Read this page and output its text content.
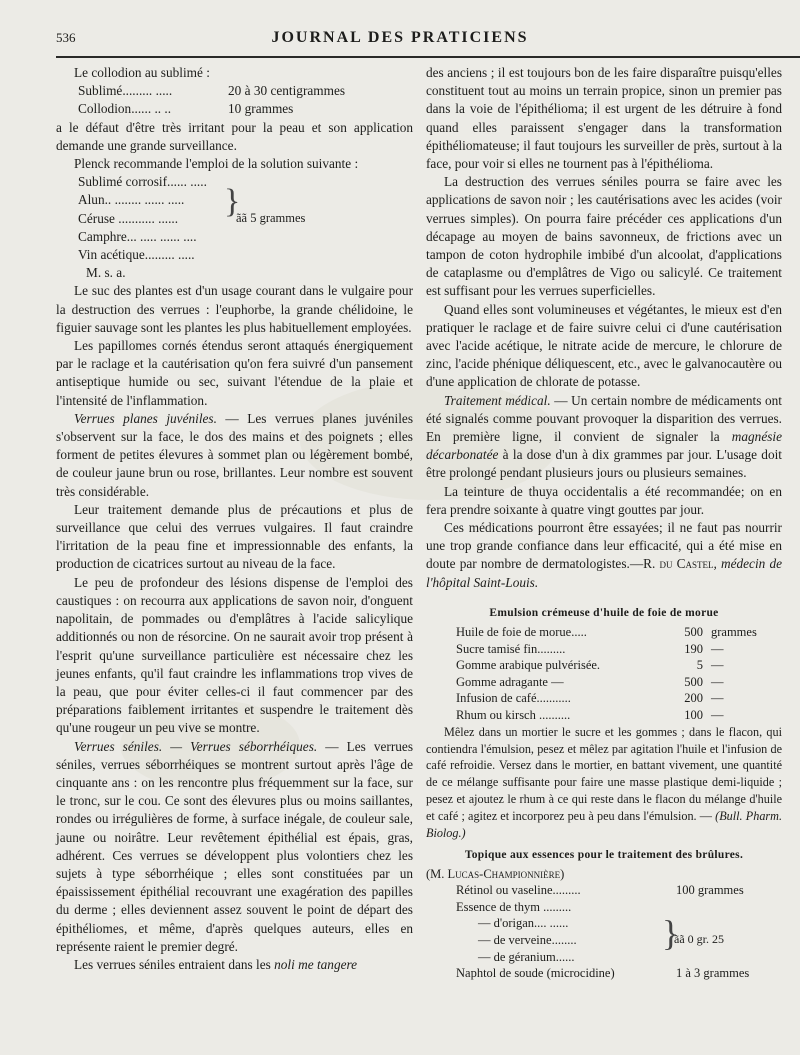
536	JOURNAL DES PRATICIENS

Le collodion au sublimé :

Sublimé......... .....	20 à 30 centigrammes
Collodion...... .. ..	10 grammes

a le défaut d'être très irritant pour la peau et son application demande une grande surveillance.

Plenck recommande l'emploi de la solution suivante :

Sublimé corrosif...... .....
Alun.. ........ ...... .....
Céruse ........... ......
Camphre... ..... ...... ....
Vin acétique......... .....
}
ãã 5 grammes

M. s. a.

Le suc des plantes est d'un usage courant dans le vulgaire pour la destruction des verrues : l'euphorbe, la grande chélidoine, le figuier sauvage sont les plantes les plus habituellement employées.

Les papillomes cornés étendus seront attaqués énergiquement par le raclage et la cautérisation qu'on fera suivré d'un pansement antiseptique humide ou sec, suivant l'étendue de la plaie et l'intensité de l'inflammation.

Verrues planes juvéniles. — Les verrues planes juvéniles s'observent sur la face, le dos des mains et des poignets ; elles forment de petites élevures à sommet plan ou légèrement bombé, de couleur jaune brun ou rose, brillantes. Leur nombre est souvent très considérable.

Leur traitement demande plus de précautions et plus de surveillance que celui des verrues vulgaires. Il faut craindre l'irritation de la peau fine et impressionnable des enfants, la production de cicatrices surtout au niveau de la face.

Le peu de profondeur des lésions dispense de l'emploi des caustiques : on recourra aux applications de savon noir, d'onguent napolitain, de pommades ou d'emplâtres à l'acide salicylique additionnés ou non de résorcine. On ne saurait avoir trop présent à l'esprit qu'une surveillance particulière est nécessaire chez les jeunes enfants, qu'il faut craindre les inflammations trop vives de la peau, que pour éviter celles-ci il faut commencer par des préparations faiblement irritantes et suspendre le traitement dès qu'une rougeur un peu vive se montre.

Verrues séniles. — Verrues séborrhéiques. — Les verrues séniles, verrues séborrhéiques se montrent surtout après l'âge de cinquante ans : on les rencontre plus fréquemment sur la face, sur le tronc, sur le cou. Ce sont des élevures plus ou moins saillantes, rondes ou irrégulières de forme, à surface inégale, de couleur sale, jaune ou noirâtre. Leur revêtement épithélial est épais, gras, adhérent. Ces verrues se développent plus volontiers chez les sujets à type séborrhéique ; elles sont constituées par un épaississement épithélial recouvrant une exagération des papilles du derme ; elles deviennent assez souvent le point de départ des épithéliomes, et même, d'après quelques auteurs, elles en représente raient le premier degré.

Les verrues séniles entraient dans les noli me tangere

des anciens ; il est toujours bon de les faire disparaître puisqu'elles constituent tout au moins un terrain propice, sinon un premier pas dans la voie de l'épithélioma; il est urgent de les détruire à fond quand elles paraissent s'engager dans la transformation épithéliomateuse; il faut toujours les surveiller de près, surtout à la face, pour voir si elles ne tournent pas à l'épithélioma.

La destruction des verrues séniles pourra se faire avec les applications de savon noir ; les cautérisations avec les acides (voir verrues simples). On pourra faire précéder ces applications d'un décapage au moyen de bains savonneux, de frictions avec un tampon de coton hydrophile imbibé d'un alcoolat, d'applications de cataplasme ou d'emplâtres de Vigo ou salicylé. Ce traitement est suffisant pour les verrues superficielles.

Quand elles sont volumineuses et végétantes, le mieux est d'en pratiquer le raclage et de faire suivre celui ci d'une cautérisation avec l'acide acétique, le nitrate acide de mercure, le chlorure de zinc, l'acide phénique déliquescent, etc., avec le galvanocautère ou d'une application de chlorate de potasse.

Traitement médical. — Un certain nombre de médicaments ont été signalés comme pouvant provoquer la disparition des verrues. En première ligne, il convient de signaler la magnésie décarbonatée à la dose d'un à dix grammes par jour. L'usage doit être prolongé pendant plusieurs jours ou plusieurs semaines.

La teinture de thuya occidentalis a été recommandée; on en fera prendre soixante à quatre vingt gouttes par jour.

Ces médications pourront être essayées; il ne faut pas nourrir une trop grande confiance dans leur efficacité, qui a été mise en doute par nombre de dermatologistes.—R. du Castel, médecin de l'hôpital Saint-Louis.

Emulsion crémeuse d'huile de foie de morue
Huile de foie de morue.....	500 grammes
Sucre tamisé fin.........	190 —
Gomme arabique pulvérisée.	5 —
Gomme adragante —	500 —
Infusion de café...........	200 —
Rhum ou kirsch ..........	100 —

Mêlez dans un mortier le sucre et les gommes ; dans le flacon, qui contiendra l'émulsion, pesez et mêlez par agitation l'huile et l'infusion de café refroidie. Versez dans le mortier, en battant vivement, une quantité de ce mélange suffisante pour faire une masse plastique demi-liquide ; pesez et ajoutez le rhum à ce qui reste dans le flacon du mélange d'huile et café ; agitez et incorporez peu à peu dans l'émulsion. — (Bull. Pharm. Biolog.)

Topique aux essences pour le traitement des brûlures.

(M. Lucas-Championnière)

Rétinol ou vaseline.........	100 grammes
Essence de thym .........
— d'origan.... ......
— de verveine........
— de géranium......
}
ãã 0 gr. 25
Naphtol de soude (microcidine)	1 à 3 grammes
